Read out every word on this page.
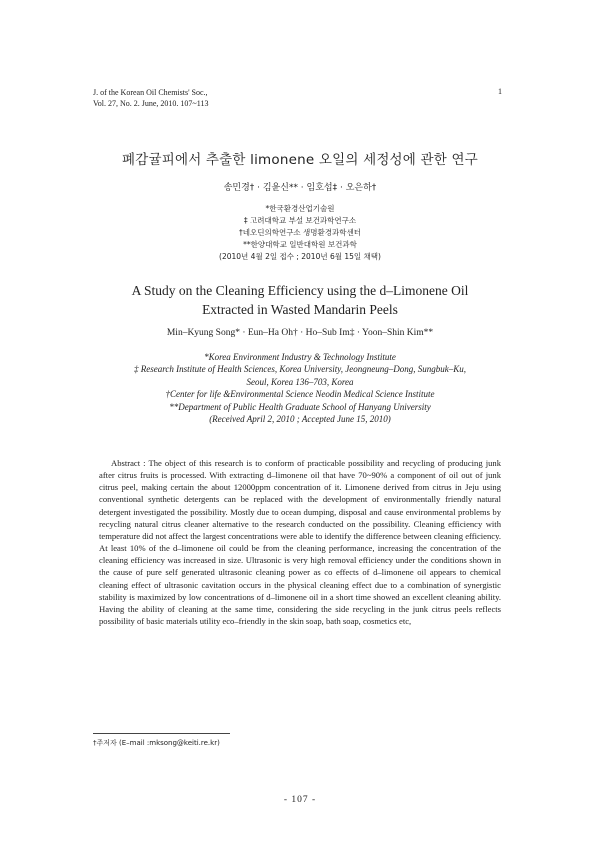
J. of the Korean Oil Chemists' Soc.,
Vol. 27, No. 2. June, 2010. 107~113
1
폐감귤피에서 추출한 limonene 오일의 세정성에 관한 연구
송민경† · 김윤신** · 임호섭‡ · 오은하†
*한국환경산업기술원
‡ 고려대학교 부설 보건과학연구소
†네오딘의학연구소 생명환경과학센터
**한양대학교 일반대학원 보건과학
(2010년 4월 2일 접수 ; 2010년 6월 15일 채택)
A Study on the Cleaning Efficiency using the d–Limonene Oil
Extracted in Wasted Mandarin Peels
Min–Kyung Song* · Eun–Ha Oh† · Ho–Sub Im‡ · Yoon–Shin Kim**
*Korea Environment Industry & Technology Institute
‡ Research Institute of Health Sciences, Korea University, Jeongneung–Dong, Sungbuk–Ku,
Seoul, Korea 136–703, Korea
†Center for life &Environmental Science Neodin Medical Science Institute
**Department of Public Health Graduate School of Hanyang University
(Received April 2, 2010 ; Accepted June 15, 2010)
Abstract : The object of this research is to conform of practicable possibility and recycling of producing junk after citrus fruits is processed. With extracting d–limonene oil that have 70~90% a component of oil out of junk citrus peel, making certain the about 12000ppm concentration of it. Limonene derived from citrus in Jeju using conventional synthetic detergents can be replaced with the development of environmentally friendly natural detergent investigated the possibility. Mostly due to ocean dumping, disposal and cause environmental problems by recycling natural citrus cleaner alternative to the research conducted on the possibility. Cleaning efficiency with temperature did not affect the largest concentrations were able to identify the difference between cleaning efficiency. At least 10% of the d–limonene oil could be from the cleaning performance, increasing the concentration of the cleaning efficiency was increased in size. Ultrasonic is very high removal efficiency under the conditions shown in the cause of pure self generated ultrasonic cleaning power as co effects of d–limonene oil appears to chemical cleaning effect of ultrasonic cavitation occurs in the physical cleaning effect due to a combination of synergistic stability is maximized by low concentrations of d–limonene oil in a short time showed an excellent cleaning ability. Having the ability of cleaning at the same time, considering the side recycling in the junk citrus peels reflects possibility of basic materials utility eco–friendly in the skin soap, bath soap, cosmetics etc,
†주저자 (E–mail :mksong@keiti.re.kr)
- 107 -
